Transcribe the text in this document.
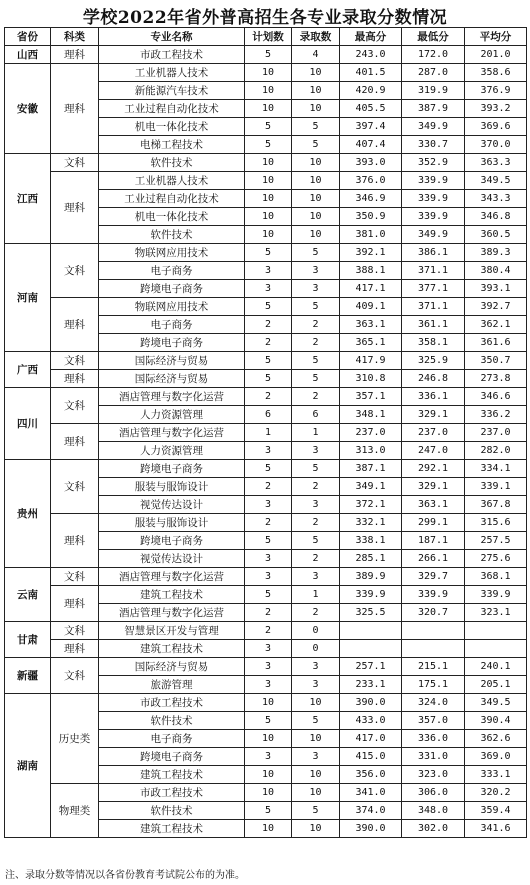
学校2022年省外普高招生各专业录取分数情况
省份	科类	专业名称	计划数	录取数	最高分	最低分	平均分
山西	理科	市政工程技术	5	4	243.0	172.0	201.0
安徽	理科	工业机器人技术	10	10	401.5	287.0	358.6
		新能源汽车技术	10	10	420.9	319.9	376.9
		工业过程自动化技术	10	10	405.5	387.9	393.2
		机电一体化技术	5	5	397.4	349.9	369.6
		电梯工程技术	5	5	407.4	330.7	370.0
江西	文科	软件技术	10	10	393.0	352.9	363.3
	理科	工业机器人技术	10	10	376.0	339.9	349.5
		工业过程自动化技术	10	10	346.9	339.9	343.3
		机电一体化技术	10	10	350.9	339.9	346.8
		软件技术	10	10	381.0	349.9	360.5
河南	文科	物联网应用技术	5	5	392.1	386.1	389.3
		电子商务	3	3	388.1	371.1	380.4
		跨境电子商务	3	3	417.1	377.1	393.1
	理科	物联网应用技术	5	5	409.1	371.1	392.7
		电子商务	2	2	363.1	361.1	362.1
		跨境电子商务	2	2	365.1	358.1	361.6
广西	文科	国际经济与贸易	5	5	417.9	325.9	350.7
	理科	国际经济与贸易	5	5	310.8	246.8	273.8
四川	文科	酒店管理与数字化运营	2	2	357.1	336.1	346.6
		人力资源管理	6	6	348.1	329.1	336.2
	理科	酒店管理与数字化运营	1	1	237.0	237.0	237.0
		人力资源管理	3	3	313.0	247.0	282.0
贵州	文科	跨境电子商务	5	5	387.1	292.1	334.1
		服装与服饰设计	2	2	349.1	329.1	339.1
		视觉传达设计	3	3	372.1	363.1	367.8
	理科	服装与服饰设计	2	2	332.1	299.1	315.6
		跨境电子商务	5	5	338.1	187.1	257.5
		视觉传达设计	3	2	285.1	266.1	275.6
云南	文科	酒店管理与数字化运营	3	3	389.9	329.7	368.1
	理科	建筑工程技术	5	1	339.9	339.9	339.9
		酒店管理与数字化运营	2	2	325.5	320.7	323.1
甘肃	文科	智慧景区开发与管理	2	0			
	理科	建筑工程技术	3	0			
新疆	文科	国际经济与贸易	3	3	257.1	215.1	240.1
		旅游管理	3	3	233.1	175.1	205.1
湖南	历史类	市政工程技术	10	10	390.0	324.0	349.5
		软件技术	5	5	433.0	357.0	390.4
		电子商务	10	10	417.0	336.0	362.6
		跨境电子商务	3	3	415.0	331.0	369.0
		建筑工程技术	10	10	356.0	323.0	333.1
	物理类	市政工程技术	10	10	341.0	306.0	320.2
		软件技术	5	5	374.0	348.0	359.4
		建筑工程技术	10	10	390.0	302.0	341.6
注、录取分数等情况以各省份教育考试院公布的为准。
